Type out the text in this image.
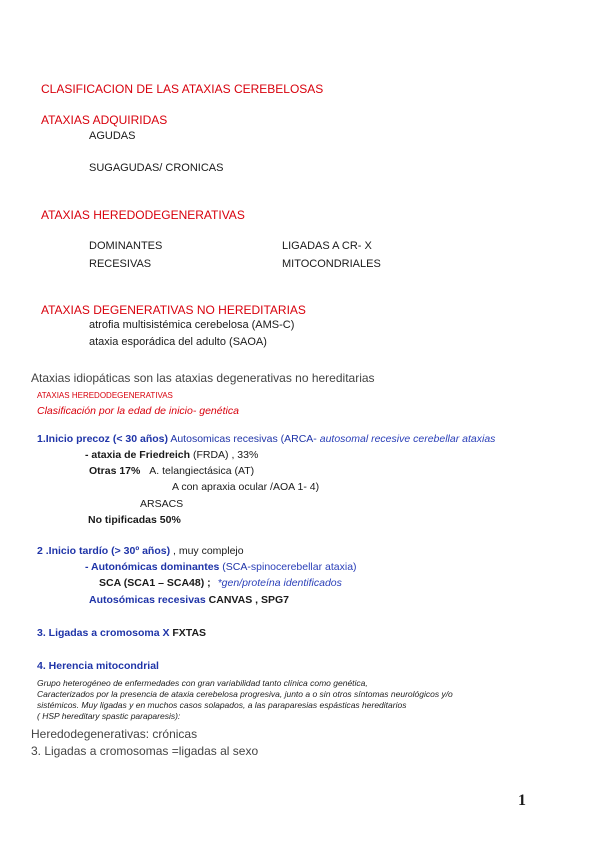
CLASIFICACION DE LAS ATAXIAS CEREBELOSAS
ATAXIAS ADQUIRIDAS
AGUDAS
SUGAGUDAS/ CRONICAS
ATAXIAS HEREDODEGENERATIVAS
DOMINANTES
RECESIVAS
LIGADAS A CR- X
MITOCONDRIALES
ATAXIAS DEGENERATIVAS NO HEREDITARIAS
atrofia multisistémica cerebelosa (AMS-C)
ataxia esporádica del adulto (SAOA)
Ataxias idiopáticas son las ataxias degenerativas no hereditarias
ATAXIAS HEREDODEGENERATIVAS
Clasificación por la edad de inicio- genética
1.Inicio precoz (< 30 años) Autosomicas recesivas (ARCA- autosomal recesive cerebellar ataxias
- ataxia de Friedreich (FRDA) , 33%
Otras 17% A. telangiectásica (AT)
A con apraxia ocular /AOA 1- 4)
ARSACS
No tipificadas 50%
2 .Inicio tardío (> 30º años) , muy complejo
- Autonómicas dominantes (SCA-spinocerebellar ataxia)
SCA (SCA1 – SCA48) ; *gen/proteína identificados
Autosómicas recesivas CANVAS , SPG7
3. Ligadas a cromosoma X FXTAS
4. Herencia mitocondrial
Grupo heterogéneo de enfermedades con gran variabilidad tanto clínica como genética,
Caracterizados por la presencia de ataxia cerebelosa progresiva, junto a o sin otros síntomas neurológicos y/o
sistémicos. Muy ligadas y en muchos casos solapados, a las paraparesias espásticas hereditarios
( HSP hereditary spastic paraparesis):
Heredodegenerativas: crónicas
3. Ligadas a cromosomas =ligadas al sexo
1
